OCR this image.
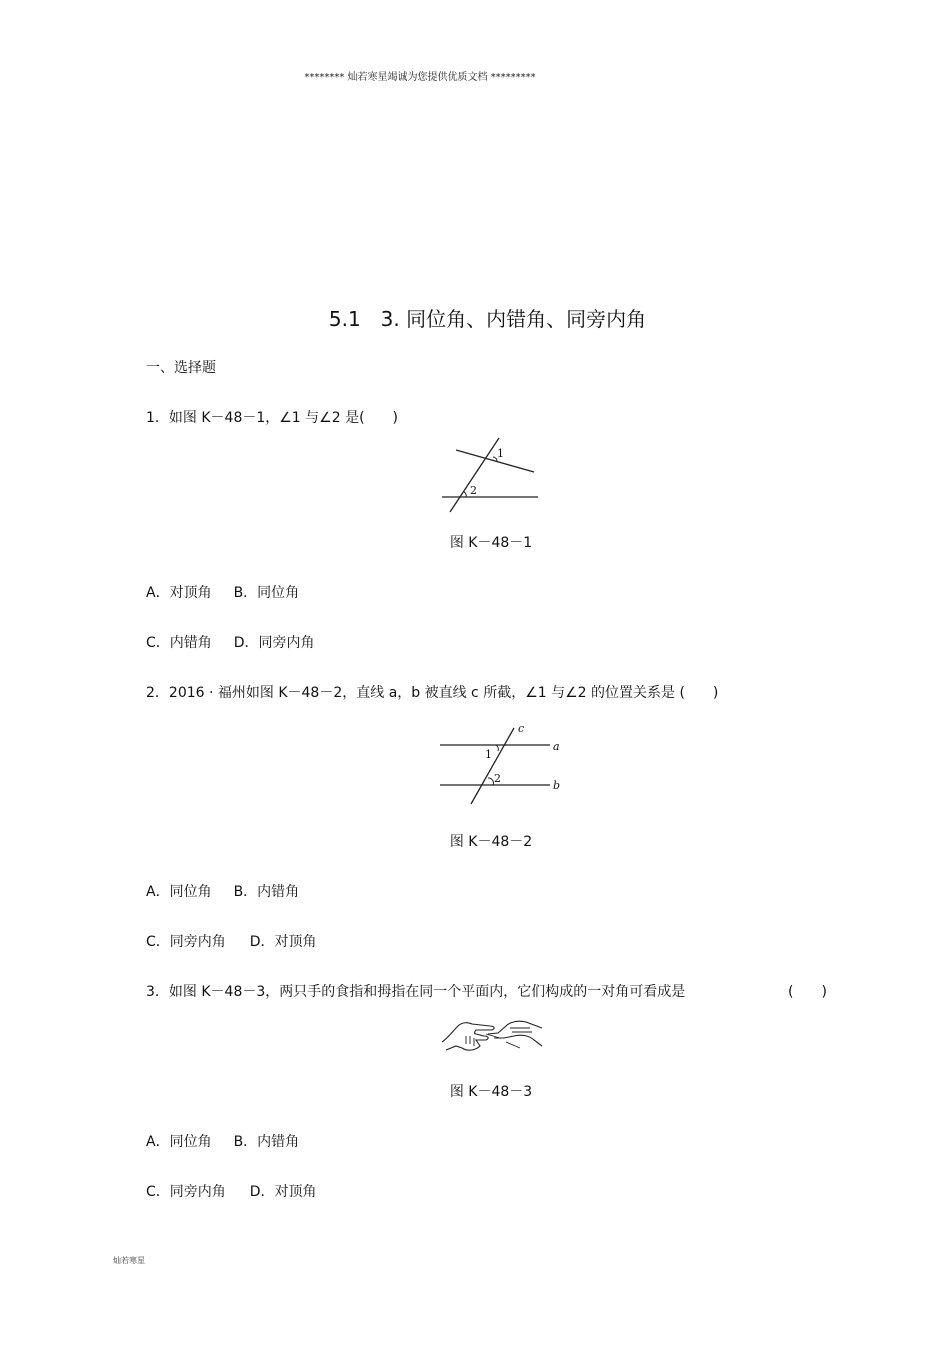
******** 灿若寒星竭诚为您提供优质文档 *********
5.1　3. 同位角、内错角、同旁内角
一、选择题
1．如图 K－48－1，∠1 与∠2 是(　　)
1
2
图 K－48－1
A．对顶角 B．同位角
C．内错角 D．同旁内角
2．2016 · 福州如图 K－48－2，直线 a，b 被直线 c 所截，∠1 与∠2 的位置关系是 (　　)
c
a
b
1
2
图 K－48－2
A．同位角 B．内错角
C．同旁内角 D．对顶角
3．如图 K－48－3，两只手的食指和拇指在同一个平面内，它们构成的一对角可看成是	(　　)
图 K－48－3
A．同位角 B．内错角
C．同旁内角 D．对顶角
灿若寒星
